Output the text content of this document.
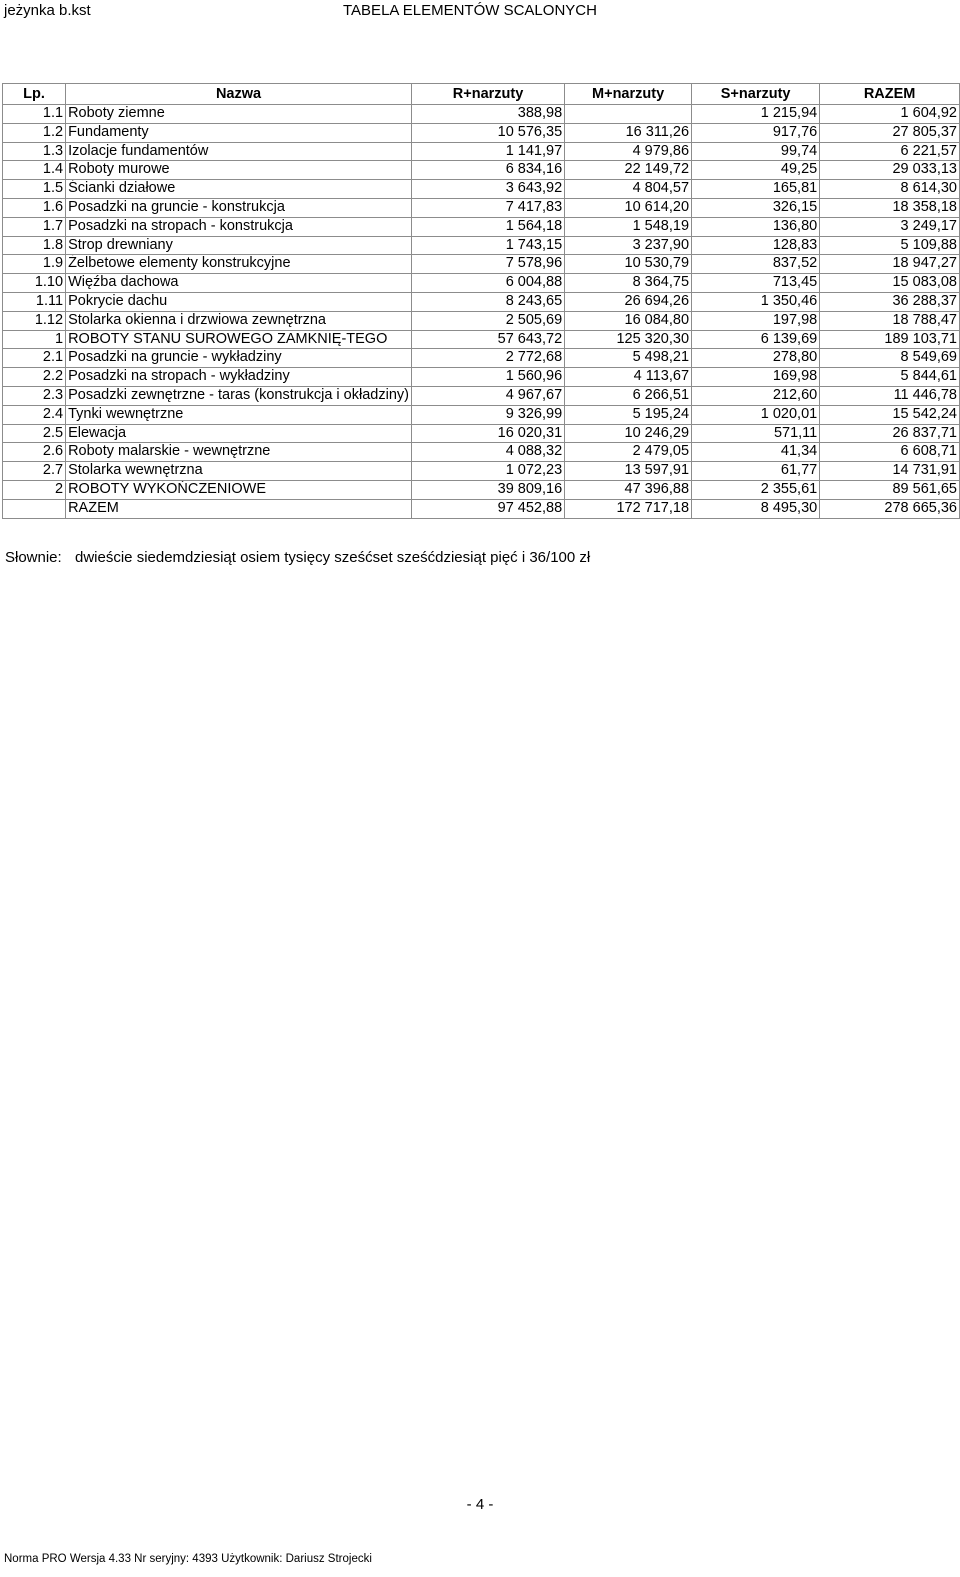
jeżynka b.kst	TABELA ELEMENTÓW SCALONYCH
Lp.	Nazwa	R+narzuty	M+narzuty	S+narzuty	RAZEM
1.1	Roboty ziemne	388,98		1 215,94	1 604,92
1.2	Fundamenty	10 576,35	16 311,26	917,76	27 805,37
1.3	Izolacje fundamentów	1 141,97	4 979,86	99,74	6 221,57
1.4	Roboty murowe	6 834,16	22 149,72	49,25	29 033,13
1.5	Ścianki działowe	3 643,92	4 804,57	165,81	8 614,30
1.6	Posadzki na gruncie - konstrukcja	7 417,83	10 614,20	326,15	18 358,18
1.7	Posadzki na stropach - konstrukcja	1 564,18	1 548,19	136,80	3 249,17
1.8	Strop drewniany	1 743,15	3 237,90	128,83	5 109,88
1.9	Żelbetowe elementy konstrukcyjne	7 578,96	10 530,79	837,52	18 947,27
1.10	Więźba dachowa	6 004,88	8 364,75	713,45	15 083,08
1.11	Pokrycie dachu	8 243,65	26 694,26	1 350,46	36 288,37
1.12	Stolarka okienna i drzwiowa zewnętrzna	2 505,69	16 084,80	197,98	18 788,47
1	ROBOTY STANU SUROWEGO ZAMKNIĘ-TEGO	57 643,72	125 320,30	6 139,69	189 103,71
2.1	Posadzki na gruncie - wykładziny	2 772,68	5 498,21	278,80	8 549,69
2.2	Posadzki na stropach - wykładziny	1 560,96	4 113,67	169,98	5 844,61
2.3	Posadzki zewnętrzne - taras (konstrukcja i okładziny)	4 967,67	6 266,51	212,60	11 446,78
2.4	Tynki wewnętrzne	9 326,99	5 195,24	1 020,01	15 542,24
2.5	Elewacja	16 020,31	10 246,29	571,11	26 837,71
2.6	Roboty malarskie - wewnętrzne	4 088,32	2 479,05	41,34	6 608,71
2.7	Stolarka wewnętrzna	1 072,23	13 597,91	61,77	14 731,91
2	ROBOTY WYKOŃCZENIOWE	39 809,16	47 396,88	2 355,61	89 561,65
	RAZEM	97 452,88	172 717,18	8 495,30	278 665,36
Słownie: dwieście siedemdziesiąt osiem tysięcy sześćset sześćdziesiąt pięć i 36/100 zł
- 4 -
Norma PRO Wersja 4.33 Nr seryjny: 4393 Użytkownik: Dariusz Strojecki
